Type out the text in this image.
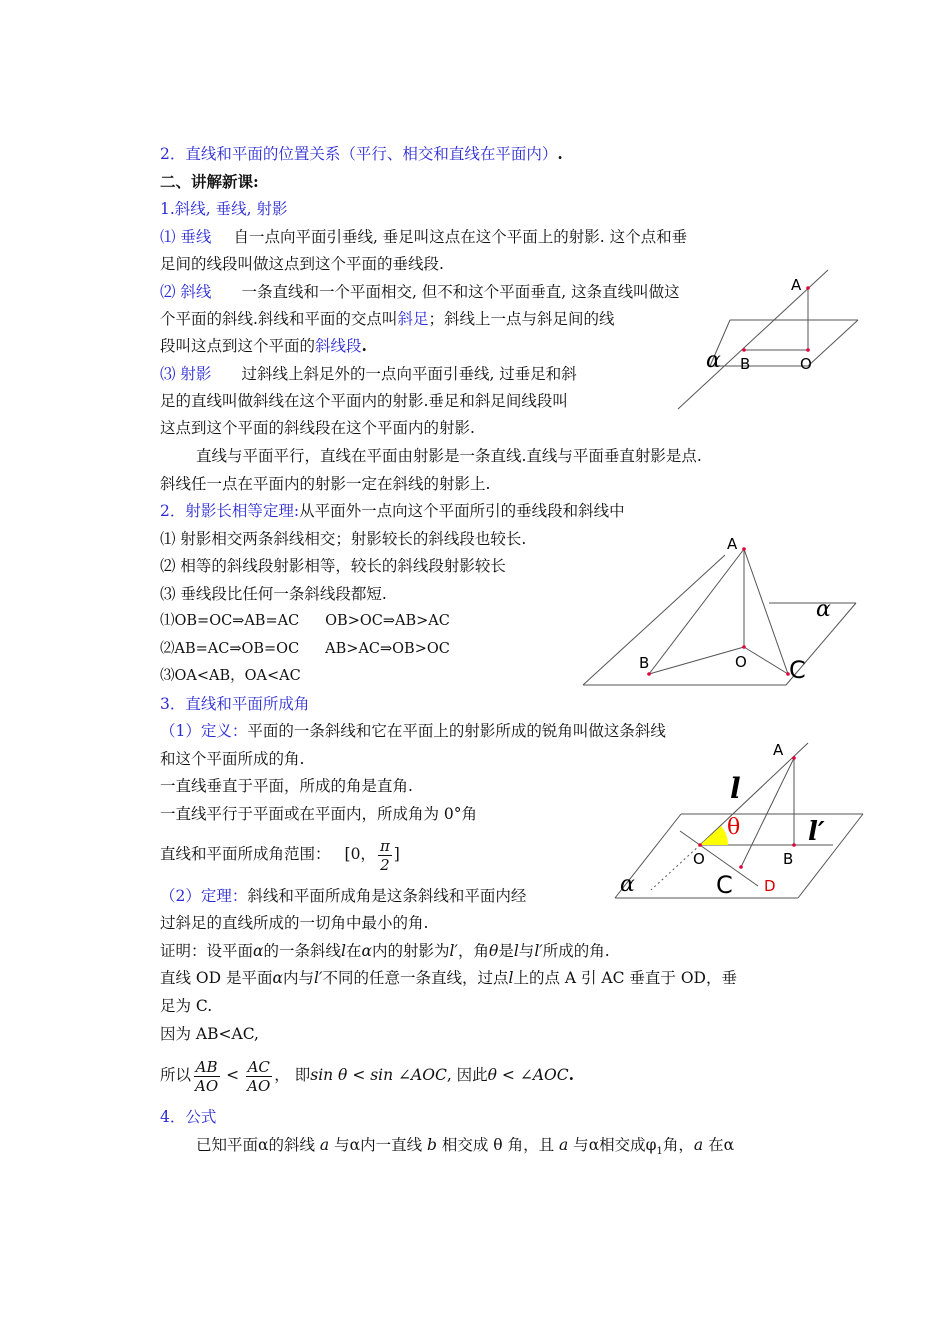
2．直线和平面的位置关系（平行、相交和直线在平面内）.
二、讲解新课:
1.斜线, 垂线, 射影
⑴ 垂线 自一点向平面引垂线, 垂足叫这点在这个平面上的射影. 这个点和垂
足间的线段叫做这点到这个平面的垂线段.
⑵ 斜线 一条直线和一个平面相交, 但不和这个平面垂直, 这条直线叫做这
个平面的斜线.斜线和平面的交点叫斜足；斜线上一点与斜足间的线
段叫这点到这个平面的斜线段.
⑶ 射影 过斜线上斜足外的一点向平面引垂线, 过垂足和斜
足的直线叫做斜线在这个平面内的射影.垂足和斜足间线段叫
这点到这个平面的斜线段在这个平面内的射影.
直线与平面平行，直线在平面由射影是一条直线.直线与平面垂直射影是点.
斜线任一点在平面内的射影一定在斜线的射影上.
2．射影长相等定理:从平面外一点向这个平面所引的垂线段和斜线中
⑴ 射影相交两条斜线相交；射影较长的斜线段也较长.
⑵ 相等的斜线段射影相等，较长的斜线段射影较长
⑶ 垂线段比任何一条斜线段都短.
⑴OB=OC⇒AB=AC OB>OC⇒AB>AC
⑵AB=AC⇒OB=OC AB>AC⇒OB>OC
⑶OA<AB，OA<AC
3．直线和平面所成角
（1）定义：平面的一条斜线和它在平面上的射影所成的锐角叫做这条斜线
和这个平面所成的角.
一直线垂直于平面，所成的角是直角.
一直线平行于平面或在平面内，所成角为 0°角
直线和平面所成角范围： [0， $\frac{\pi}{2}$ ]
（2）定理：斜线和平面所成角是这条斜线和平面内经
过斜足的直线所成的一切角中最小的角.
证明：设平面α的一条斜线l在α内的射影为l′，角θ是l与l′所成的角.
直线 OD 是平面α内与l′不同的任意一条直线，过点l上的点 A 引 AC 垂直于 OD，垂
足为 C.
因为 AB<AC,
所以 $\frac{AB}{AO} < \frac{AC}{AO}$ ， 即sin θ < sin ∠AOC, 因此θ < ∠AOC.
4．公式
已知平面α的斜线 a 与α内一直线 b 相交成 θ 角，且 a 与α相交成$\varphi_1$角，a 在α
A
B	O
α
A
B	O C
α
A
l
θ	l′
O	B
C D
α
